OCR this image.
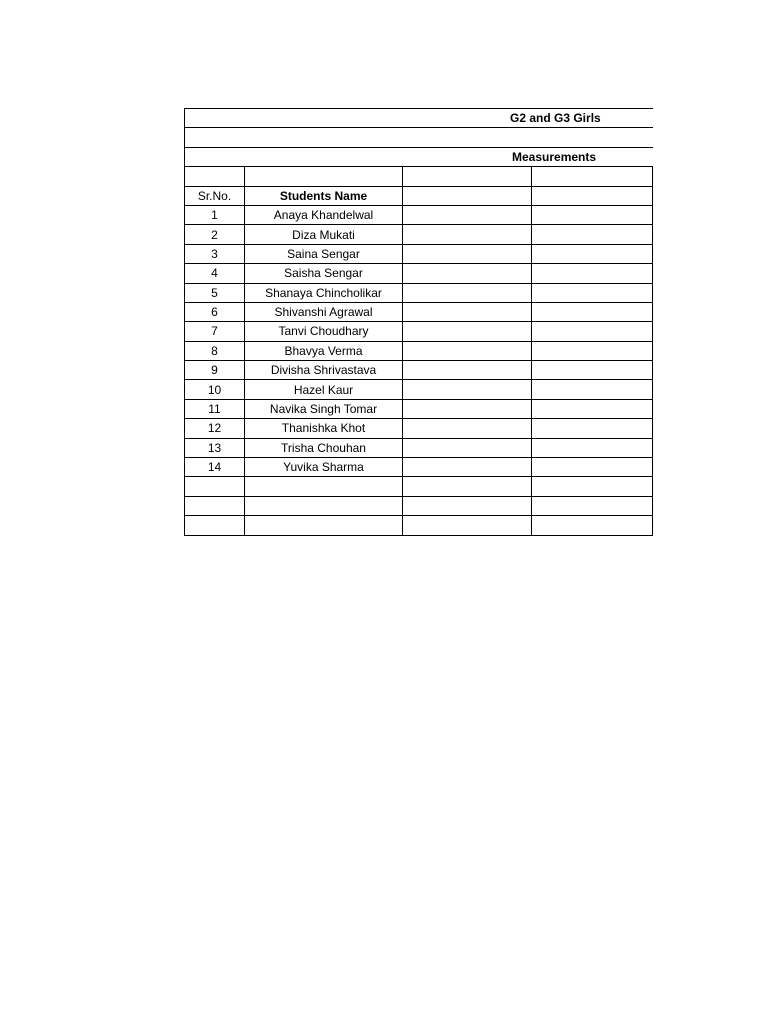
G2 and G3 Girls
Measurements
Sr.No.	Students Name
1	Anaya Khandelwal
2	Diza Mukati
3	Saina Sengar
4	Saisha Sengar
5	Shanaya Chincholikar
6	Shivanshi Agrawal
7	Tanvi Choudhary
8	Bhavya Verma
9	Divisha Shrivastava
10	Hazel Kaur
11	Navika Singh Tomar
12	Thanishka Khot
13	Trisha Chouhan
14	Yuvika Sharma
